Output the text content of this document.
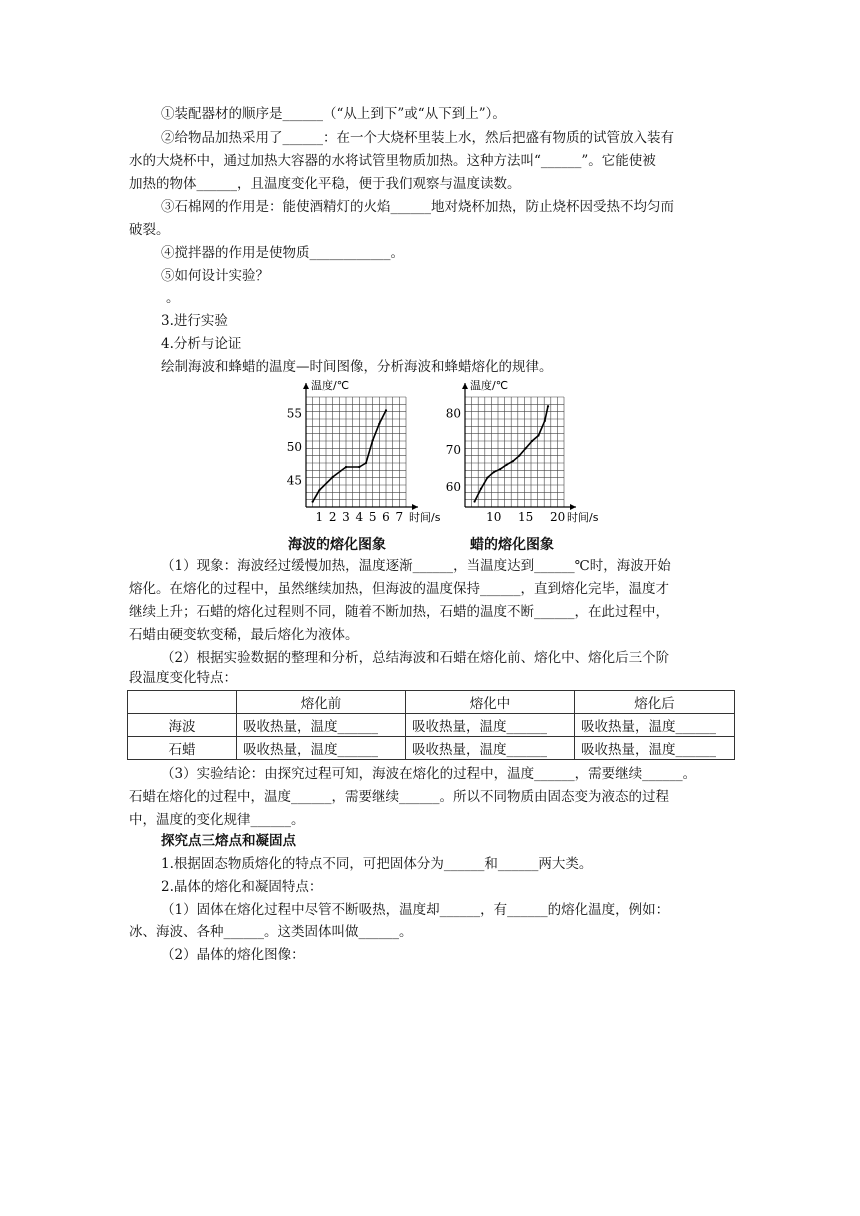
①装配器材的顺序是______（“从上到下”或“从下到上”）。
②给物品加热采用了______：在一个大烧杯里装上水，然后把盛有物质的试管放入装有
水的大烧杯中，通过加热大容器的水将试管里物质加热。这种方法叫“______”。它能使被
加热的物体______，且温度变化平稳，便于我们观察与温度读数。
③石棉网的作用是：能使酒精灯的火焰______地对烧杯加热，防止烧杯因受热不均匀而
破裂。
④搅拌器的作用是使物质____________。
⑤如何设计实验？
。
3.进行实验
4.分析与论证
绘制海波和蜂蜡的温度—时间图像，分析海波和蜂蜡熔化的规律。
温度/℃
时间/s
45
50
55
1 2 3 4 5 6 7
温度/℃
时间/s
60
70
80
10 15 20
海波的熔化图象	蜡的熔化图象
（1）现象：海波经过缓慢加热，温度逐渐______，当温度达到______℃时，海波开始
熔化。在熔化的过程中，虽然继续加热，但海波的温度保持______，直到熔化完毕，温度才
继续上升；石蜡的熔化过程则不同，随着不断加热，石蜡的温度不断______，在此过程中，
石蜡由硬变软变稀，最后熔化为液体。
（2）根据实验数据的整理和分析，总结海波和石蜡在熔化前、熔化中、熔化后三个阶
段温度变化特点：
	熔化前	熔化中	熔化后
海波	吸收热量，温度______	吸收热量，温度______	吸收热量，温度______
石蜡	吸收热量，温度______	吸收热量，温度______	吸收热量，温度______
（3）实验结论：由探究过程可知，海波在熔化的过程中，温度______，需要继续______。
石蜡在熔化的过程中，温度______，需要继续______。所以不同物质由固态变为液态的过程
中，温度的变化规律______。
探究点三熔点和凝固点
1.根据固态物质熔化的特点不同，可把固体分为______和______两大类。
2.晶体的熔化和凝固特点：
（1）固体在熔化过程中尽管不断吸热，温度却______，有______的熔化温度，例如：
冰、海波、各种______。这类固体叫做______。
（2）晶体的熔化图像：
